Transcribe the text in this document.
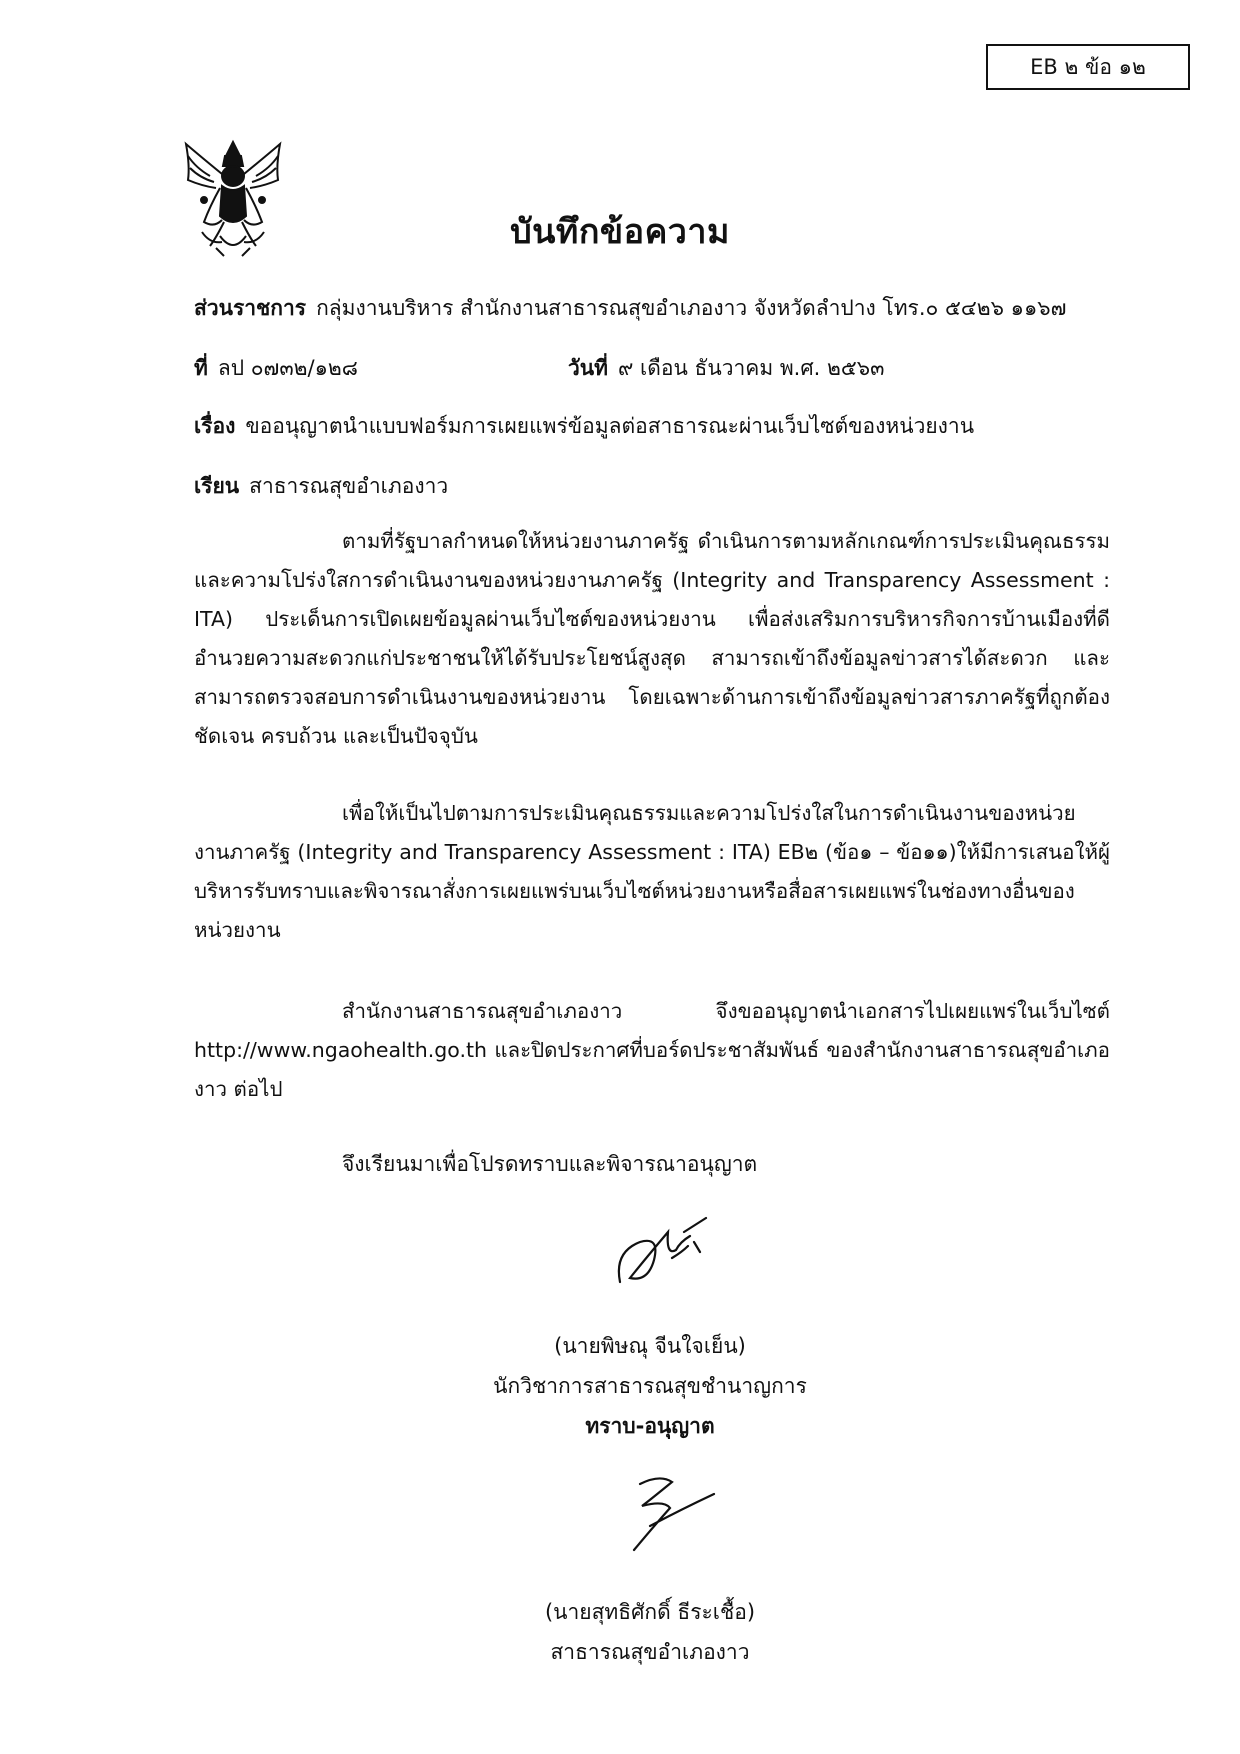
EB ๒ ข้อ ๑๒
บันทึกข้อความ
ส่วนราชการ กลุ่มงานบริหาร สำนักงานสาธารณสุขอำเภองาว จังหวัดลำปาง โทร.๐ ๕๔๒๖ ๑๑๖๗
ที่ ลป ๐๗๓๒/๑๒๘	วันที่ ๙ เดือน ธันวาคม พ.ศ. ๒๕๖๓
เรื่อง ขออนุญาตนำแบบฟอร์มการเผยแพร่ข้อมูลต่อสาธารณะผ่านเว็บไซต์ของหน่วยงาน
เรียน สาธารณสุขอำเภองาว
ตามที่รัฐบาลกำหนดให้หน่วยงานภาครัฐ ดำเนินการตามหลักเกณฑ์การประเมินคุณธรรมและความโปร่งใสการดำเนินงานของหน่วยงานภาครัฐ (Integrity and Transparency Assessment : ITA) ประเด็นการเปิดเผยข้อมูลผ่านเว็บไซต์ของหน่วยงาน เพื่อส่งเสริมการบริหารกิจการบ้านเมืองที่ดี อำนวยความสะดวกแก่ประชาชนให้ได้รับประโยชน์สูงสุด สามารถเข้าถึงข้อมูลข่าวสารได้สะดวก และสามารถตรวจสอบการดำเนินงานของหน่วยงาน โดยเฉพาะด้านการเข้าถึงข้อมูลข่าวสารภาครัฐที่ถูกต้อง ชัดเจน ครบถ้วน และเป็นปัจจุบัน
เพื่อให้เป็นไปตามการประเมินคุณธรรมและความโปร่งใสในการดำเนินงานของหน่วยงานภาครัฐ (Integrity and Transparency Assessment : ITA) EB๒ (ข้อ๑ – ข้อ๑๑)ให้มีการเสนอให้ผู้บริหารรับทราบและพิจารณาสั่งการเผยแพร่บนเว็บไซต์หน่วยงานหรือสื่อสารเผยแพร่ในช่องทางอื่นของหน่วยงาน
สำนักงานสาธารณสุขอำเภองาว จึงขออนุญาตนำเอกสารไปเผยแพร่ในเว็บไซต์ http://www.ngaohealth.go.th และปิดประกาศที่บอร์ดประชาสัมพันธ์ ของสำนักงานสาธารณสุขอำเภองาว ต่อไป
จึงเรียนมาเพื่อโปรดทราบและพิจารณาอนุญาต
(นายพิษณุ จีนใจเย็น)
นักวิชาการสาธารณสุขชำนาญการ
ทราบ-อนุญาต
(นายสุทธิศักดิ์ ธีระเชื้อ)
สาธารณสุขอำเภองาว
